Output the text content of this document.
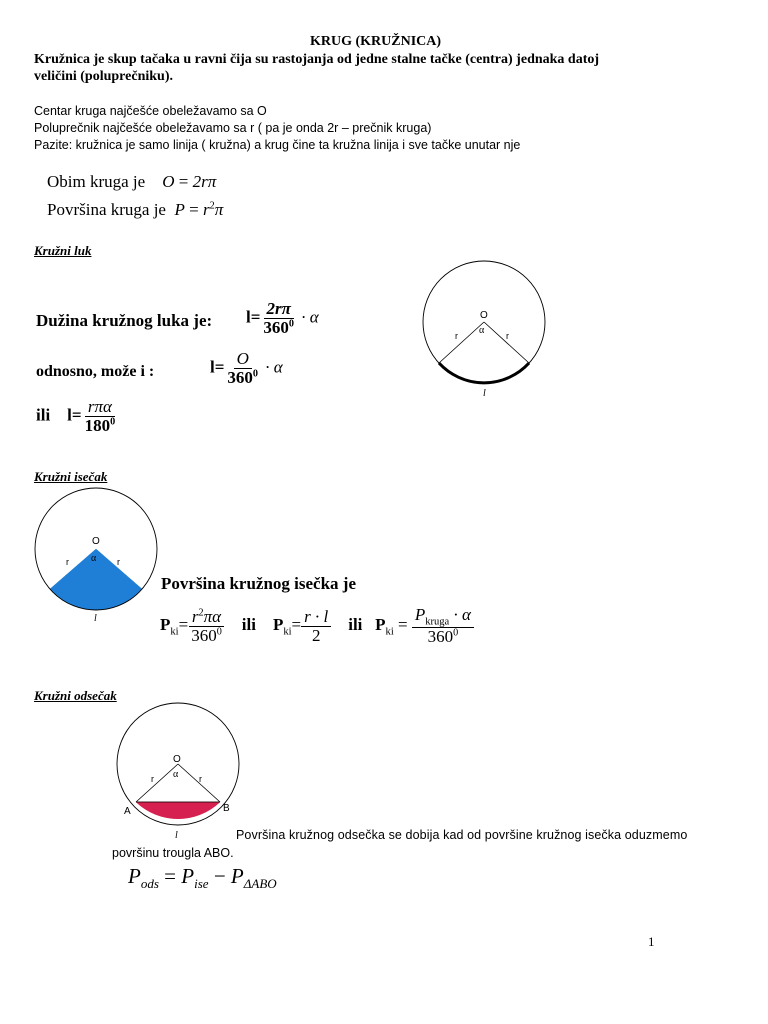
KRUG (KRUŽNICA)
Kružnica je skup tačaka u ravni čija su rastojanja od jedne stalne tačke (centra) jednaka datoj
veličini (poluprečniku).
Centar kruga najčešće obeležavamo sa O
Poluprečnik najčešće obeležavamo sa r ( pa je onda 2r – prečnik kruga)
Pazite: kružnica je samo linija ( kružna) a krug čine ta kružna linija i sve tačke unutar nje
Obim kruga je O = 2rπ
Površina kruga je $P = r^2\pi$
Kružni luk
Dužina kružnog luka je: $l= \frac{2r\pi}{360^0} \cdot \alpha$
odnosno, može i :	$l= \frac{O}{360^0} \cdot \alpha$
ili $l= \frac{\text{rπα}}{180^0}$
O
α
r	r
l
Kružni isečak
O
α
r	r
l
Površina kružnog isečka je
$P_{ki}= \frac{r^2\pi\alpha}{360^0}$ ili $P_{ki}= \frac{r \cdot l}{2}$ ili $P_{ki} = \frac{P_{kruga} \cdot \alpha}{360^0}$
Kružni odsečak
O
α
r	r
A	B
l	Površina kružnog odsečka se dobija kad od površine kružnog isečka oduzmemo
površinu trougla ABO.
$P_{ods} = P_{ise} - P_{\Delta ABO}$
1
